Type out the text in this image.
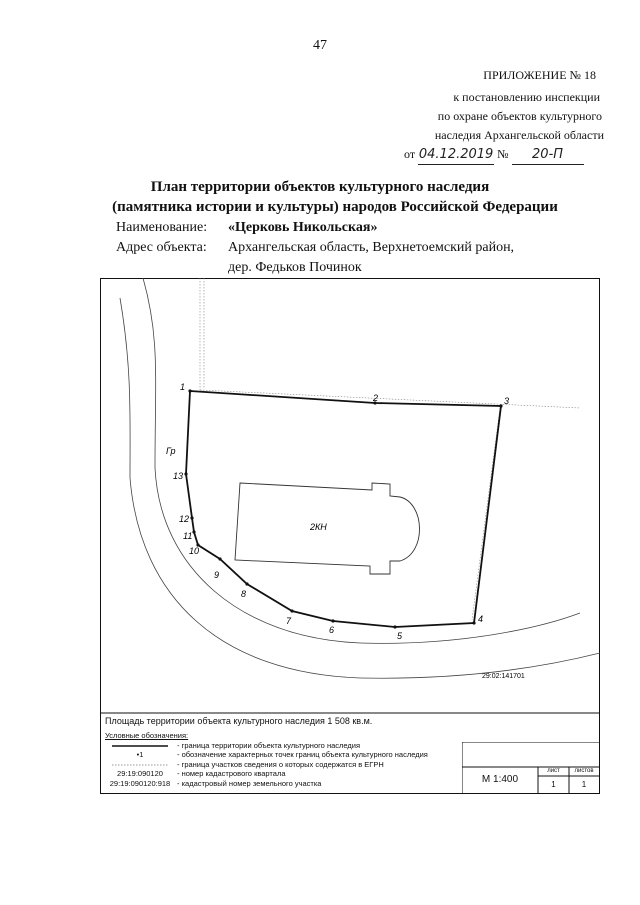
47
ПРИЛОЖЕНИЕ № 18
к постановлению инспекции
по охране объектов культурного
наследия Архангельской области
от 04.12.2019 № 20-П
План территории объектов культурного наследия
(памятника истории и культуры) народов Российской Федерации
Наименование: «Церковь Никольская»
Адрес объекта: Архангельская область, Верхнетоемский район,
дер. Федьков Починок
2КН
Гр
29:02:141701
1
2	3
4
5
6
7
8
9
10
11
12
13
Площадь территории объекта культурного наследия 1 508 кв.м.
Условные обозначения:
- граница территории объекта культурного наследия
•1	- обозначение характерных точек границ объекта культурного наследия
- граница участков сведения о которых содержатся в ЕГРН
29:19:090120	- номер кадастрового квартала
29:19:090120:918 - кадастровый номер земельного участка	М 1:400
лист	листов
1	1
